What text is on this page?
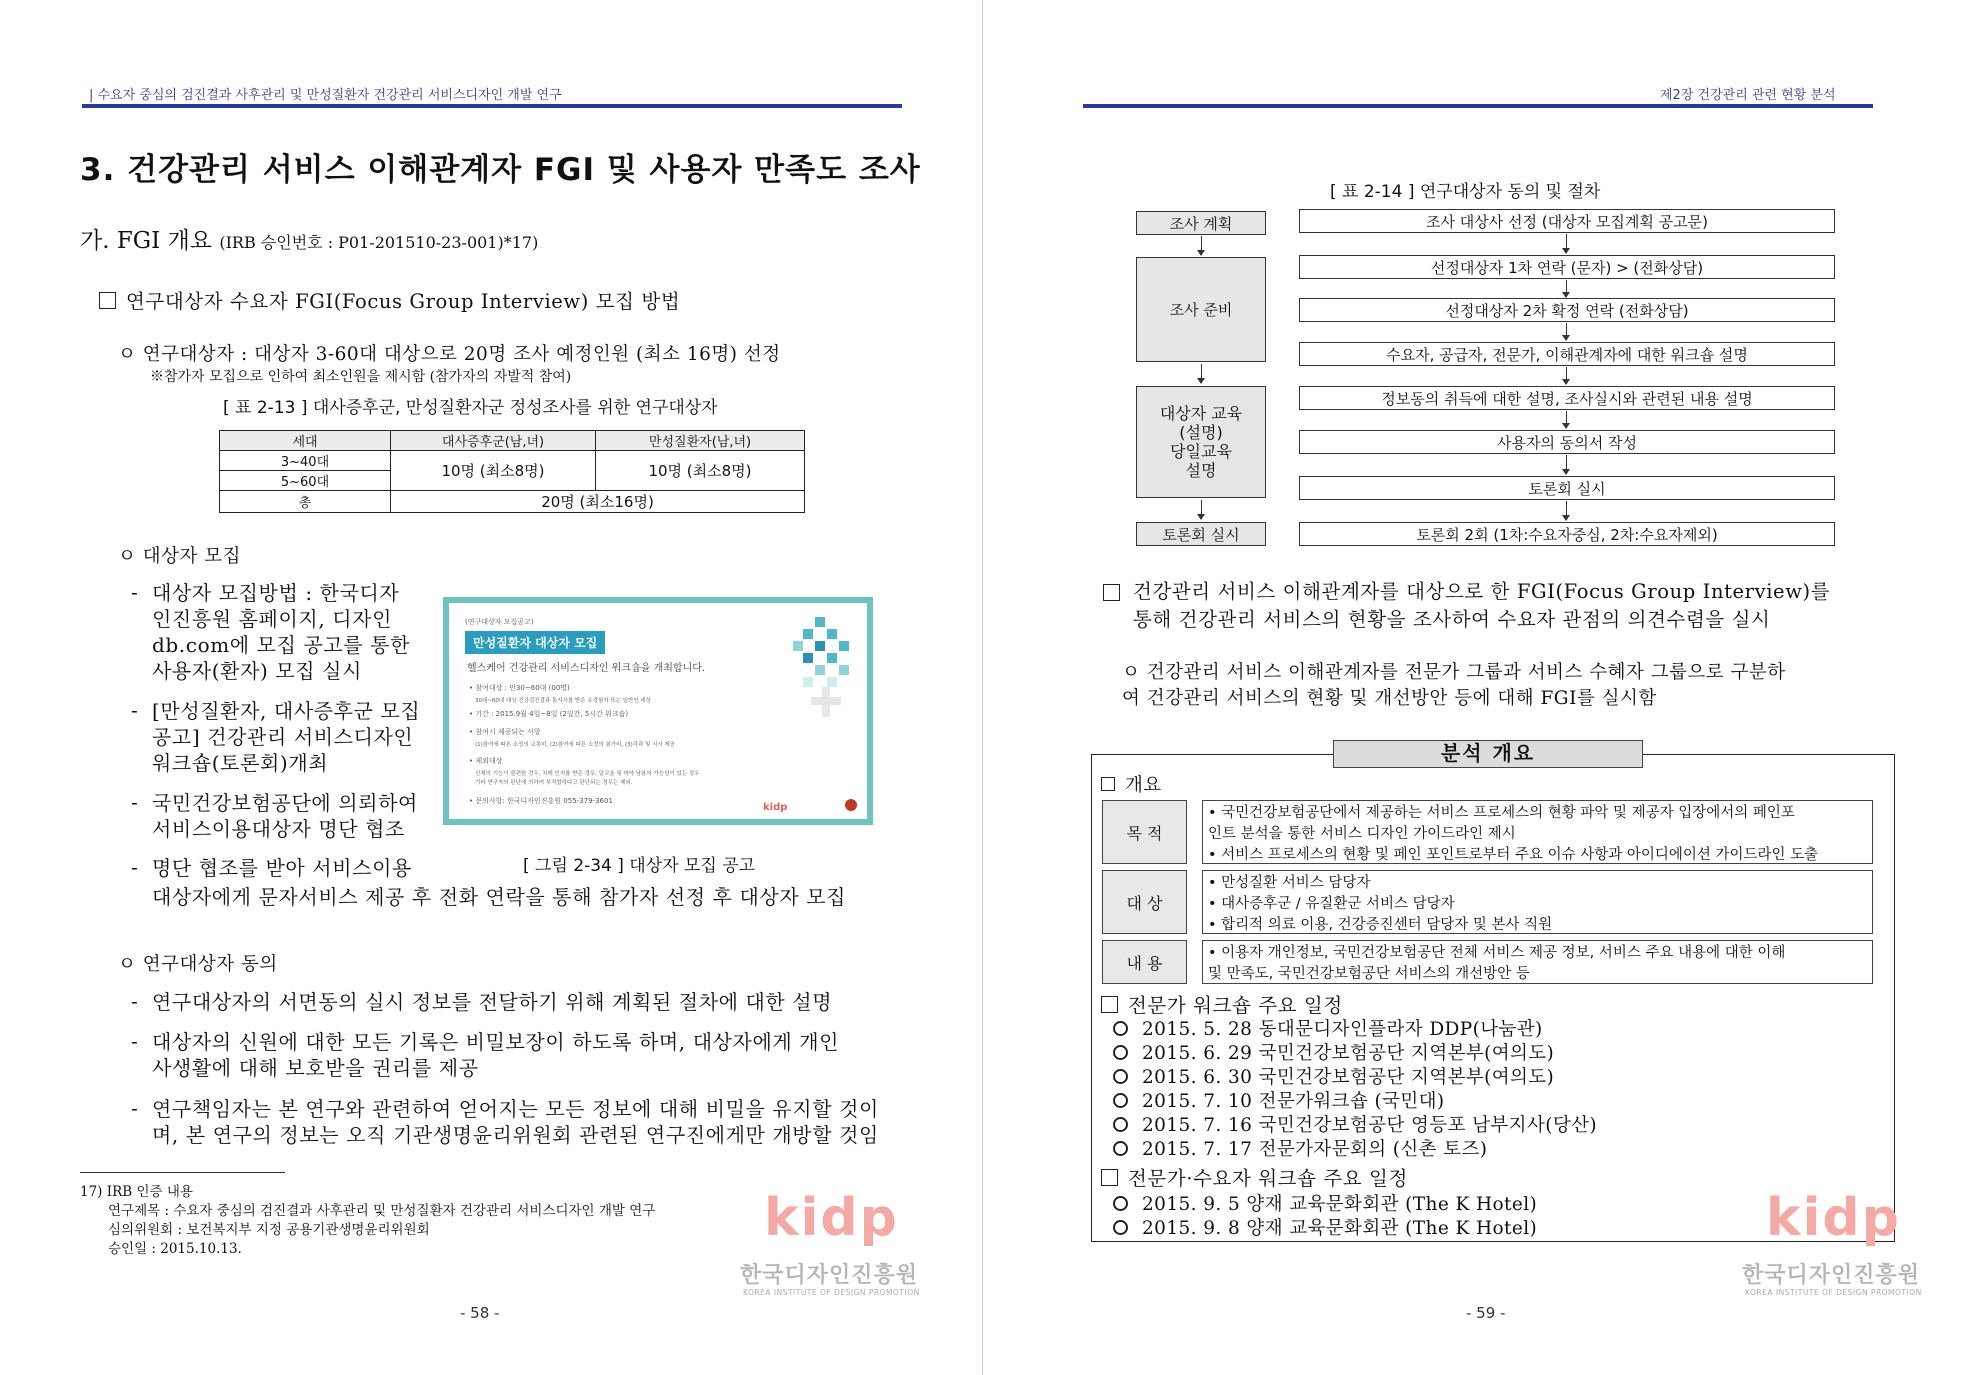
| 수요자 중심의 검진결과 사후관리 및 만성질환자 건강관리 서비스디자인 개발 연구
3. 건강관리 서비스 이해관계자 FGI 및 사용자 만족도 조사
가. FGI 개요 (IRB 승인번호 : P01-201510-23-001)*17)
연구대상자 수요자 FGI(Focus Group Interview) 모집 방법
ㅇ 연구대상자 : 대상자 3-60대 대상으로 20명 조사 예정인원 (최소 16명) 선정
※참가자 모집으로 인하여 최소인원을 제시함 (참가자의 자발적 참여)
[ 표 2-13 ] 대사증후군, 만성질환자군 정성조사를 위한 연구대상자
세대	대사증후군(남,녀)	만성질환자(남,녀)
3~40대	10명 (최소8명)	10명 (최소8명)
5~60대		
총	20명 (최소16명)	
ㅇ 대상자 모집
- 대상자 모집방법 : 한국디자
인진흥원 홈페이지, 디자인
db.com에 모집 공고를 통한
사용자(환자) 모집 실시
- [만성질환자, 대사증후군 모집
공고] 건강관리 서비스디자인
워크숍(토론회)개최
- 국민건강보험공단에 의뢰하여
서비스이용대상자 명단 협조
- 명단 협조를 받아 서비스이용
대상자에게 문자서비스 제공 후 전화 연락을 통해 참가자 선정 후 대상자 모집
(연구대상자 모집공고)
만성질환자 대상자 모집
헬스케어 건강관리 서비스디자인 워크숍을 개최합니다.
• 참여대상 : 만30~60대 (00명)
30대~60대 대상 건강검진결과 통지서를 받은 유경험자 또는 일반인 대상
• 기간 : 2015.9월 4일~8일 (2일간, 5시간 워크숍)
• 참여시 제공되는 사항
(1)참여에 따른 소정의 교통비, (2)참여에 따른 소정의 봉가비, (3)각과 및 식사 제공
• 제외대상
신체의 기능이 불편한 경우, 치매 인지를 받은 경우, 알코올 및 마약 남용의 가능성이 있는 경우
기타 연구자의 판단에 의하여 부적합하다고 판단되는 경우는 제외.
• 문의사항: 한국디자인진흥원 055-379-3601
kidp
[ 그림 2-34 ] 대상자 모집 공고
ㅇ 연구대상자 동의
- 연구대상자의 서면동의 실시 정보를 전달하기 위해 계획된 절차에 대한 설명
- 대상자의 신원에 대한 모든 기록은 비밀보장이 하도록 하며, 대상자에게 개인
사생활에 대해 보호받을 권리를 제공
- 연구책임자는 본 연구와 관련하여 얻어지는 모든 정보에 대해 비밀을 유지할 것이
며, 본 연구의 정보는 오직 기관생명윤리위원회 관련된 연구진에게만 개방할 것임
17) IRB 인증 내용
연구제목 : 수요자 중심의 검진결과 사후관리 및 만성질환자 건강관리 서비스디자인 개발 연구
심의위원회 : 보건복지부 지정 공용기관생명윤리위원회
승인일 : 2015.10.13.
kidp
한국디자인진흥원
KOREA INSTITUTE OF DESIGN PROMOTION
- 58 -
제2장 건강관리 관련 현황 분석
[ 표 2-14 ] 연구대상자 동의 및 절차
조사 계획
조사 준비
대상자 교육
(설명)
당일교육
설명
토론회 실시
조사 대상사 선정 (대상자 모집계획 공고문)
선정대상자 1차 연락 (문자) > (전화상담)
선정대상자 2차 확정 연락 (전화상담)
수요자, 공급자, 전문가, 이해관계자에 대한 워크숍 설명
정보동의 취득에 대한 설명, 조사실시와 관련된 내용 설명
사용자의 동의서 작성
토론회 실시
토론회 2회 (1차:수요자중심, 2차:수요자제외)
건강관리 서비스 이해관계자를 대상으로 한 FGI(Focus Group Interview)를
통해 건강관리 서비스의 현황을 조사하여 수요자 관점의 의견수렴을 실시
ㅇ 건강관리 서비스 이해관계자를 전문가 그룹과 서비스 수혜자 그룹으로 구분하
여 건강관리 서비스의 현황 및 개선방안 등에 대해 FGI를 실시함
분석 개요
개요
목 적
• 국민건강보험공단에서 제공하는 서비스 프로세스의 현황 파악 및 제공자 입장에서의 페인포
인트 분석을 통한 서비스 디자인 가이드라인 제시
• 서비스 프로세스의 현황 및 페인 포인트로부터 주요 이슈 사항과 아이디에이션 가이드라인 도출
대 상
• 만성질환 서비스 담당자
• 대사증후군 / 유질환군 서비스 담당자
• 합리적 의료 이용, 건강증진센터 담당자 및 본사 직원
내 용
• 이용자 개인정보, 국민건강보험공단 전체 서비스 제공 정보, 서비스 주요 내용에 대한 이해
및 만족도, 국민건강보험공단 서비스의 개선방안 등
전문가 워크숍 주요 일정
2015. 5. 28 동대문디자인플라자 DDP(나눔관)
2015. 6. 29 국민건강보험공단 지역본부(여의도)
2015. 6. 30 국민건강보험공단 지역본부(여의도)
2015. 7. 10 전문가워크숍 (국민대)
2015. 7. 16 국민건강보험공단 영등포 남부지사(당산)
2015. 7. 17 전문가자문회의 (신촌 토즈)
전문가·수요자 워크숍 주요 일정
2015. 9. 5 양재 교육문화회관 (The K Hotel)
2015. 9. 8 양재 교육문화회관 (The K Hotel)	kidp
한국디자인진흥원
KOREA INSTITUTE OF DESIGN PROMOTION
- 59 -
